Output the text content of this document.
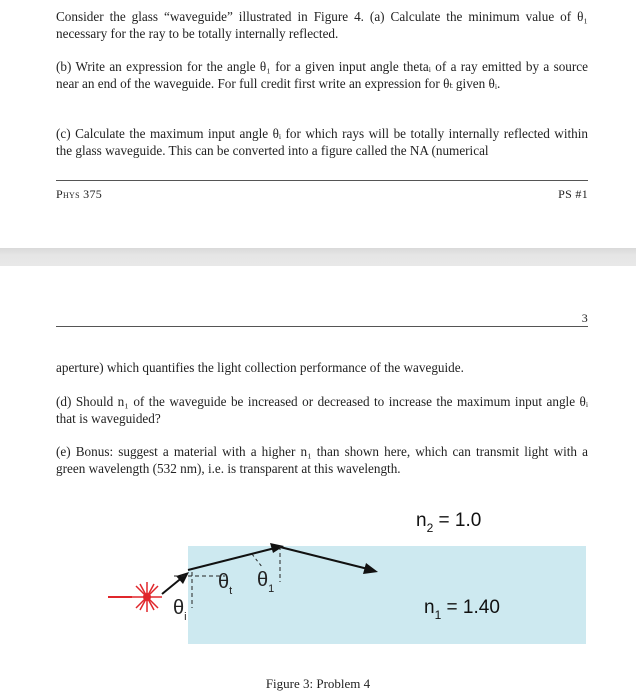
Consider the glass “waveguide” illustrated in Figure 4. (a) Calculate the minimum value of θ₁ necessary for the ray to be totally internally reflected.

(b) Write an expression for the angle θ₁ for a given input angle thetaᵢ of a ray emitted by a source near an end of the waveguide. For full credit first write an expression for θₜ given θᵢ.

(c) Calculate the maximum input angle θᵢ for which rays will be totally internally reflected within the glass waveguide. This can be converted into a figure called the NA (numerical

Phys 375	PS #1
3

aperture) which quantifies the light collection performance of the waveguide.

(d) Should n₁ of the waveguide be increased or decreased to increase the maximum input angle θᵢ that is waveguided?

(e) Bonus: suggest a material with a higher n₁ than shown here, which can transmit light with a green wavelength (532 nm), i.e. is transparent at this wavelength.

$\theta_t$ $\theta_1$
$\theta_i$
$n_2 = 1.0$
$n_1 = 1.40$
Figure 3: Problem 4
